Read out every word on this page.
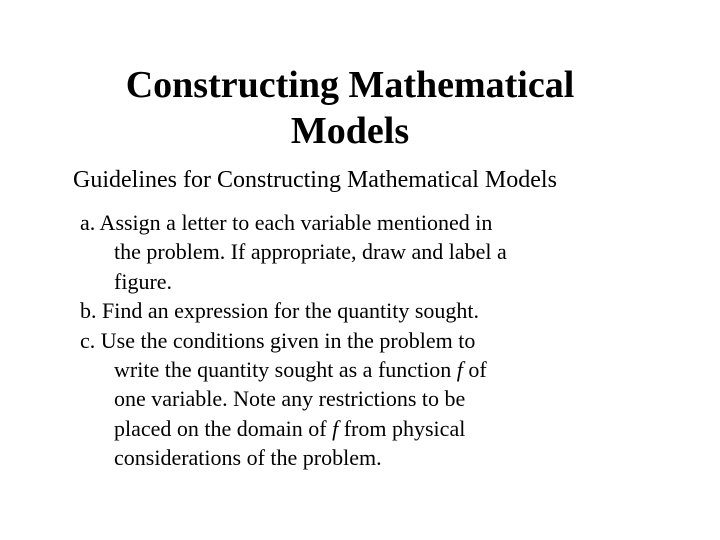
Constructing Mathematical
Models
Guidelines for Constructing Mathematical Models
a. Assign a letter to each variable mentioned in
the problem. If appropriate, draw and label a
figure.
b. Find an expression for the quantity sought.
c. Use the conditions given in the problem to
write the quantity sought as a function f of
one variable. Note any restrictions to be
placed on the domain of f from physical
considerations of the problem.
